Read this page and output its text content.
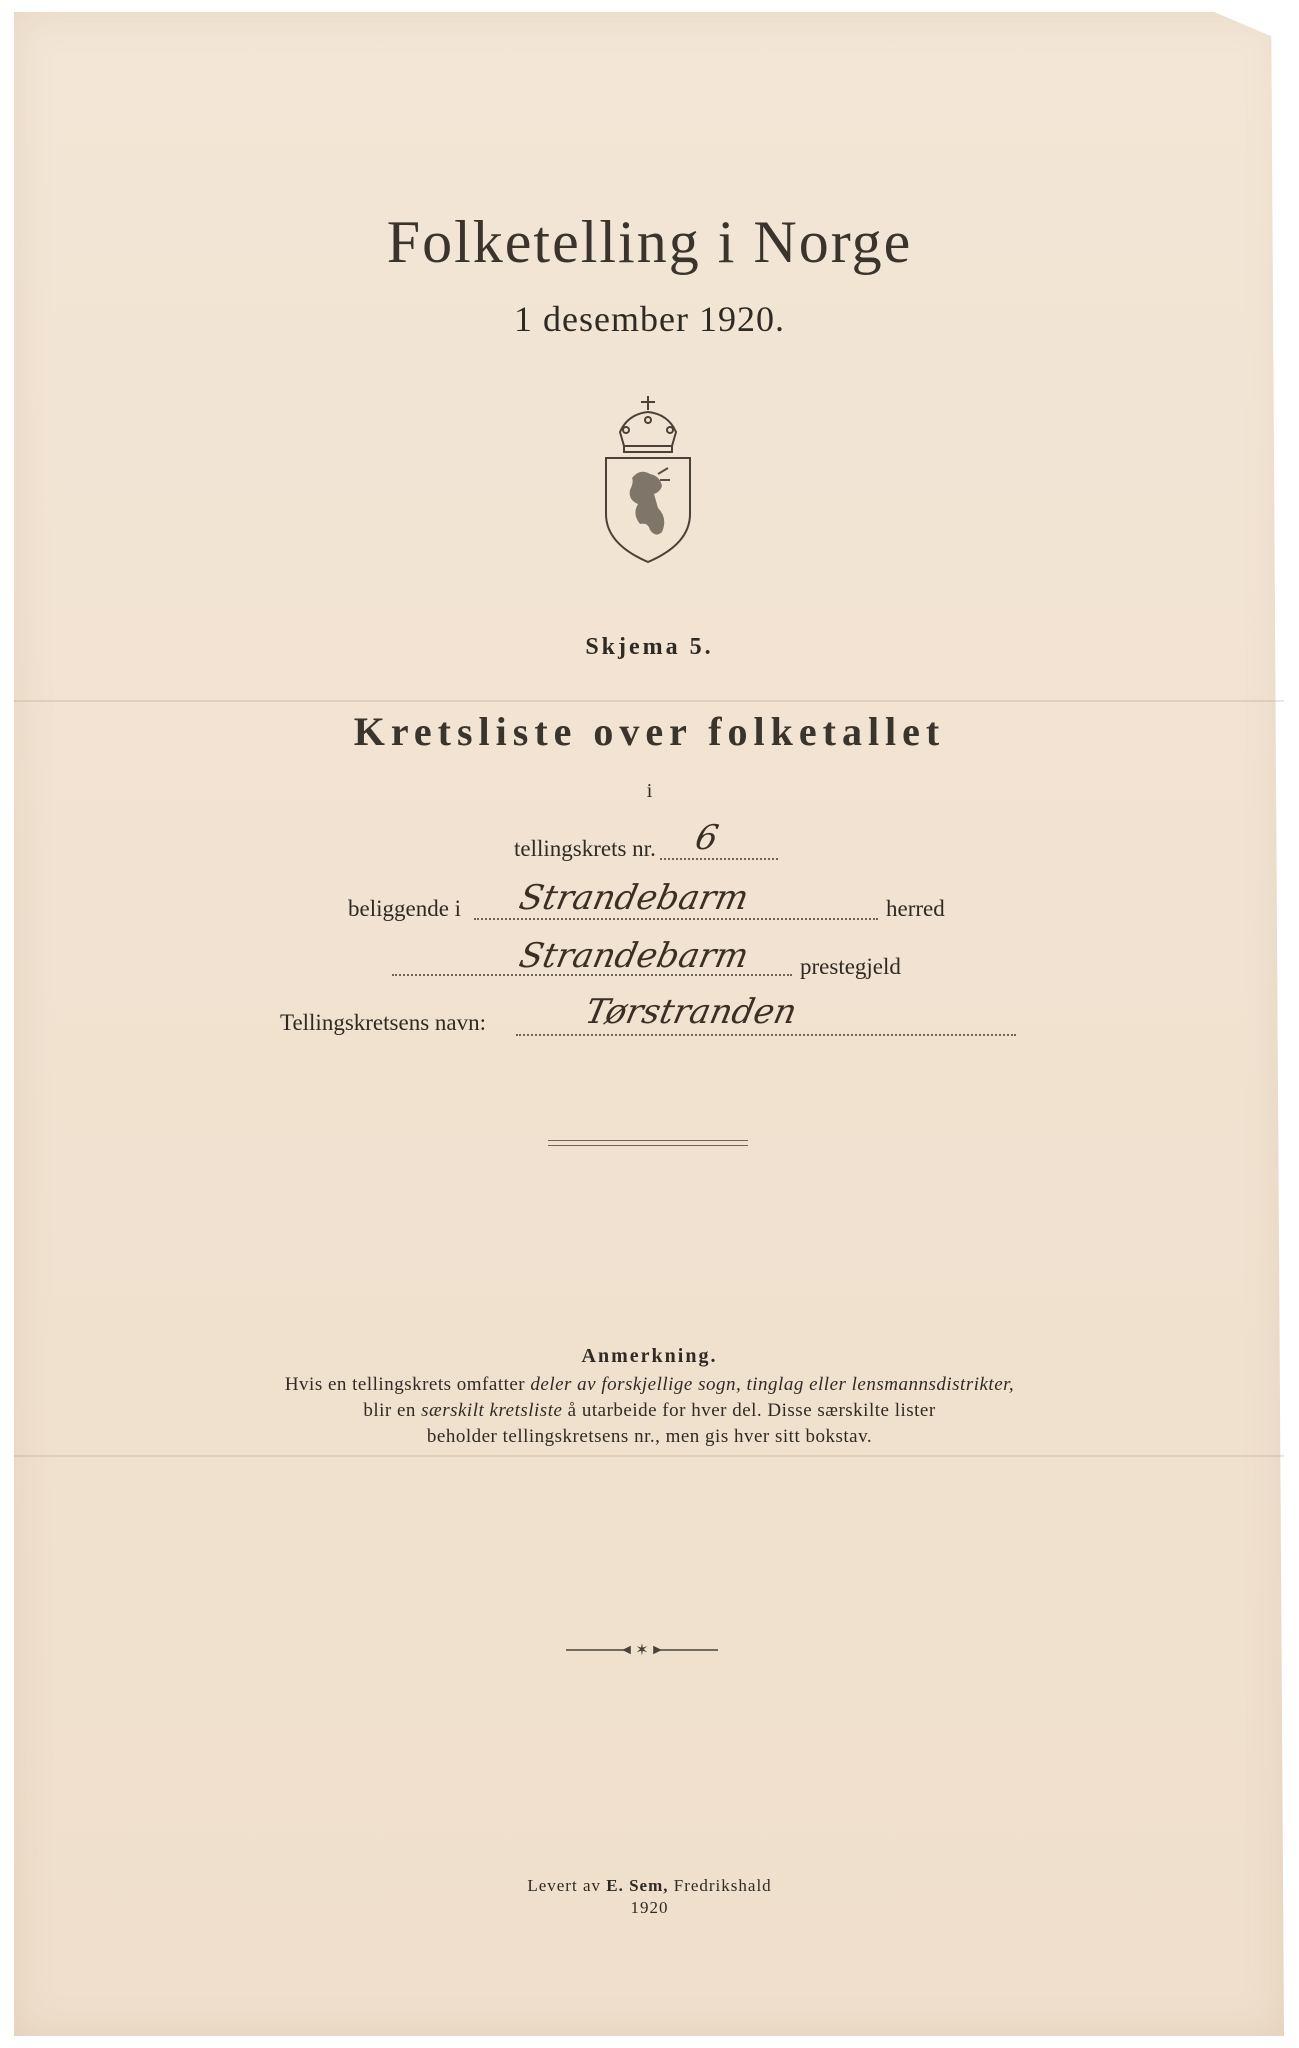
Folketelling i Norge
1 desember 1920.
Skjema 5.
Kretsliste over folketallet
i
tellingskrets nr. 6
beliggende i Strandebarm	herred
Strandebarm prestegjeld
Tellingskretsens navn:	Tørstranden
Anmerkning.
Hvis en tellingskrets omfatter deler av forskjellige sogn, tinglag eller lensmannsdistrikter,
blir en særskilt kretsliste å utarbeide for hver del. Disse særskilte lister
beholder tellingskretsens nr., men gis hver sitt bokstav.
✶
Levert av E. Sem, Fredrikshald
1920
